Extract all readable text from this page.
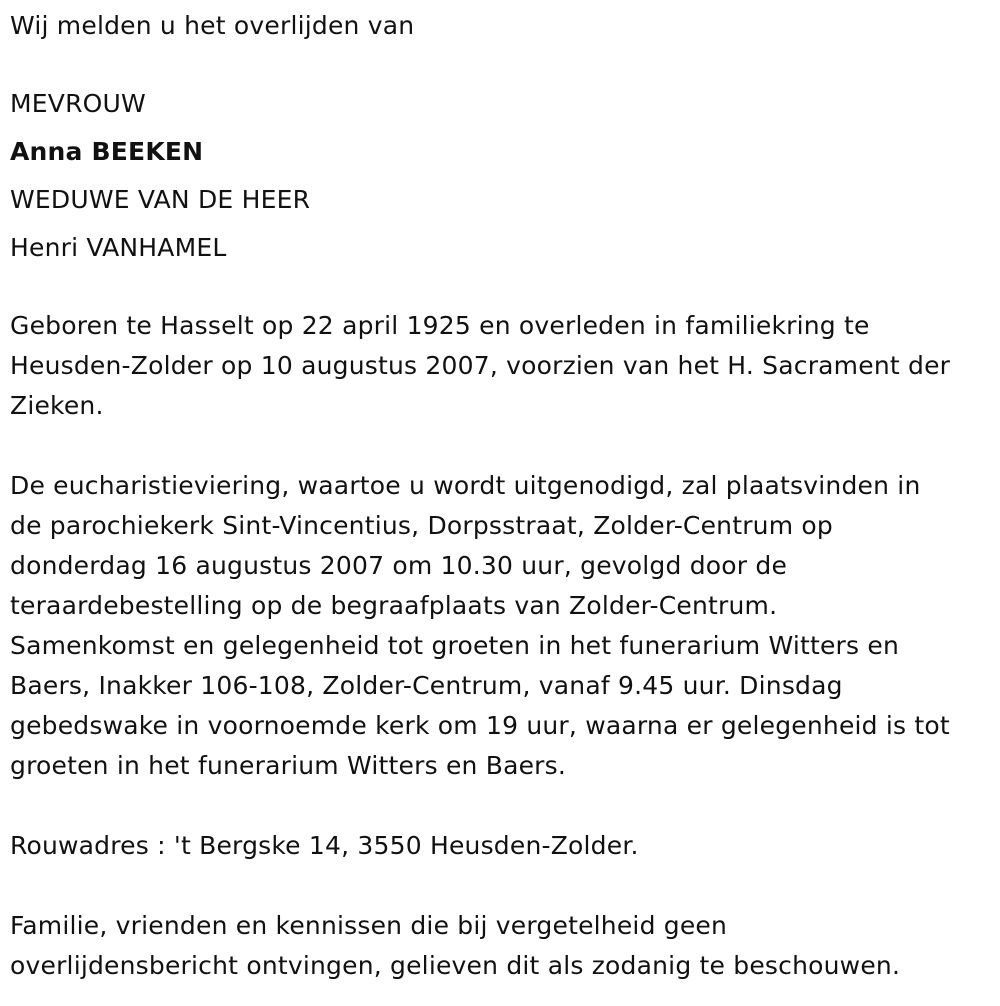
Wij melden u het overlijden van
MEVROUW
Anna BEEKEN
WEDUWE VAN DE HEER
Henri VANHAMEL
Geboren te Hasselt op 22 april 1925 en overleden in familiekring te
Heusden-Zolder op 10 augustus 2007, voorzien van het H. Sacrament der
Zieken.
De eucharistieviering, waartoe u wordt uitgenodigd, zal plaatsvinden in
de parochiekerk Sint-Vincentius, Dorpsstraat, Zolder-Centrum op
donderdag 16 augustus 2007 om 10.30 uur, gevolgd door de
teraardebestelling op de begraafplaats van Zolder-Centrum.
Samenkomst en gelegenheid tot groeten in het funerarium Witters en
Baers, Inakker 106-108, Zolder-Centrum, vanaf 9.45 uur. Dinsdag
gebedswake in voornoemde kerk om 19 uur, waarna er gelegenheid is tot
groeten in het funerarium Witters en Baers.
Rouwadres : 't Bergske 14, 3550 Heusden-Zolder.
Familie, vrienden en kennissen die bij vergetelheid geen
overlijdensbericht ontvingen, gelieven dit als zodanig te beschouwen.
